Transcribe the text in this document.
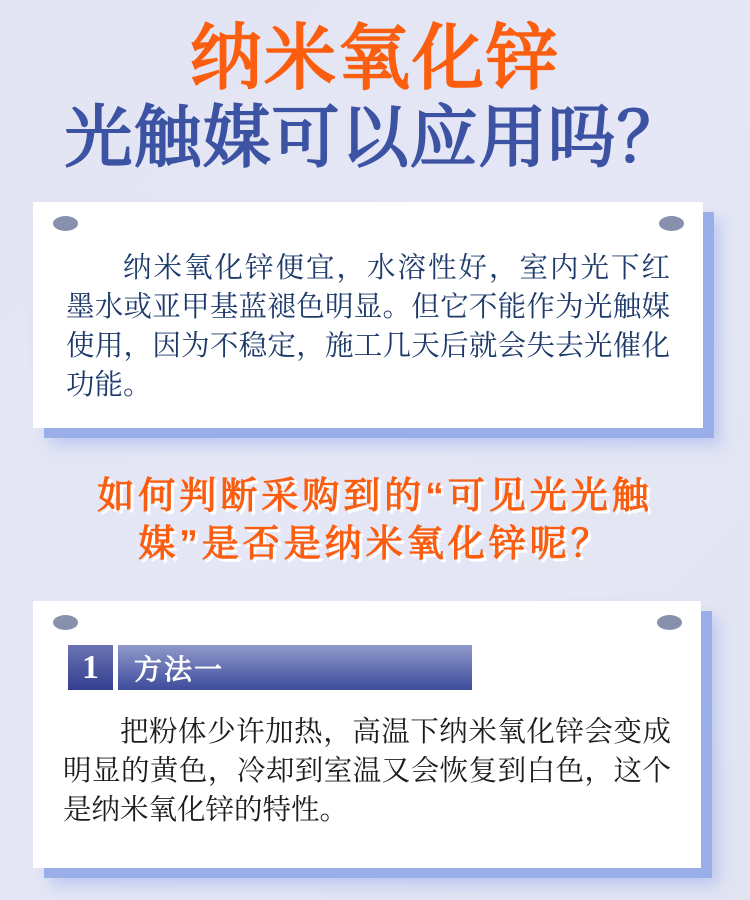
纳米氧化锌
光触媒可以应用吗？
纳米氧化锌便宜，水溶性好，室内光下红
墨水或亚甲基蓝褪色明显。但它不能作为光触媒
使用，因为不稳定，施工几天后就会失去光催化
功能。
如何判断采购到的“可见光光触
媒”是否是纳米氧化锌呢？
1	方法一
把粉体少许加热，高温下纳米氧化锌会变成
明显的黄色，冷却到室温又会恢复到白色，这个
是纳米氧化锌的特性。
